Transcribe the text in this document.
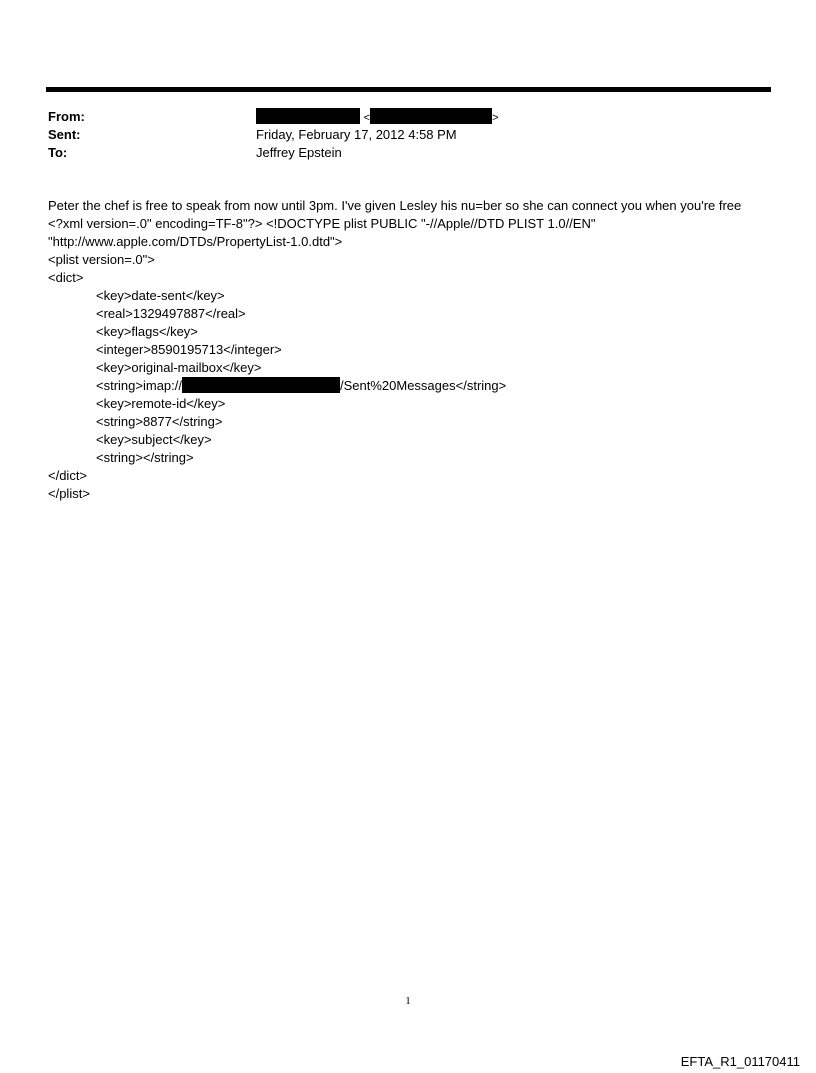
From:	<	>
Sent:	Friday, February 17, 2012 4:58 PM
To:	Jeffrey Epstein
Peter the chef is free to speak from now until 3pm. I've given Lesley his nu=ber so she can connect you when you're free
<?xml version=.0" encoding=TF-8"?> <!DOCTYPE plist PUBLIC "-//Apple//DTD PLIST 1.0//EN"
"http://www.apple.com/DTDs/PropertyList-1.0.dtd">
<plist version=.0">
<dict>
<key>date-sent</key>
<real>1329497887</real>
<key>flags</key>
<integer>8590195713</integer>
<key>original-mailbox</key>
<string>imap://	/Sent%20Messages</string>
<key>remote-id</key>
<string>8877</string>
<key>subject</key>
<string></string>
</dict>
</plist>
1
EFTA_R1_01170411
